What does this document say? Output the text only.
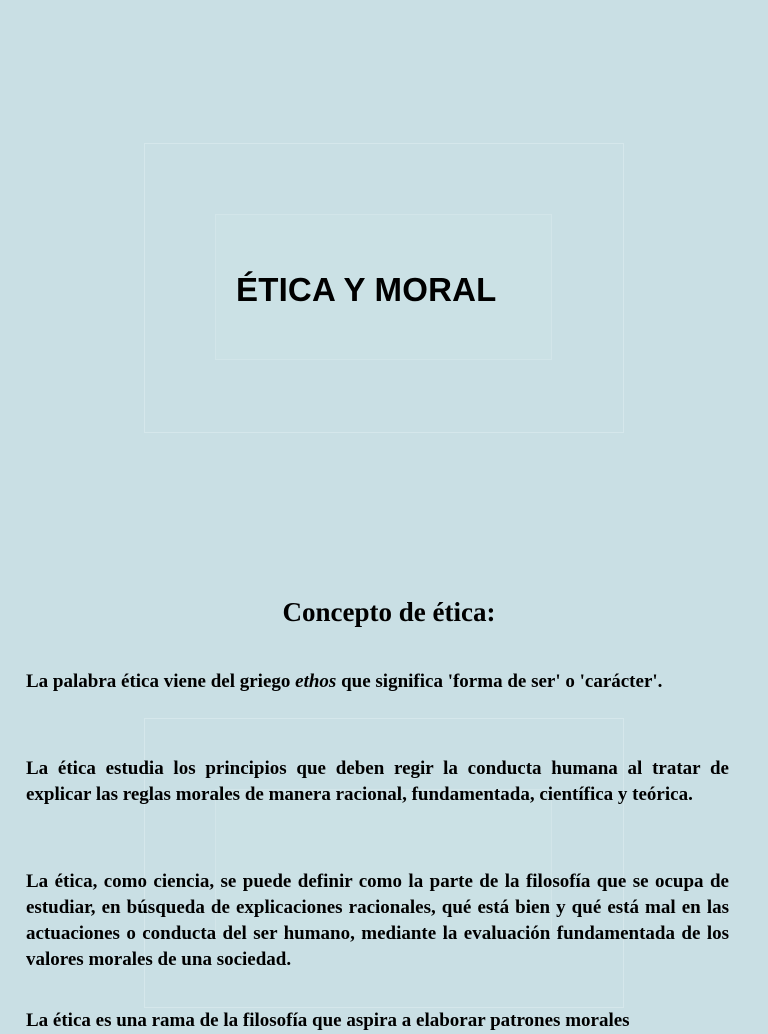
ÉTICA Y MORAL
Concepto de ética:

La palabra ética viene del griego ethos que significa 'forma de ser' o 'carácter'.

La ética estudia los principios que deben regir la conducta humana al tratar de explicar las reglas morales de manera racional, fundamentada, científica y teórica.

La ética, como ciencia, se puede definir como la parte de la filosofía que se ocupa de estudiar, en búsqueda de explicaciones racionales, qué está bien y qué está mal en las actuaciones o conducta del ser humano, mediante la evaluación fundamentada de los valores morales de una sociedad.

La ética es una rama de la filosofía que aspira a elaborar patrones morales
